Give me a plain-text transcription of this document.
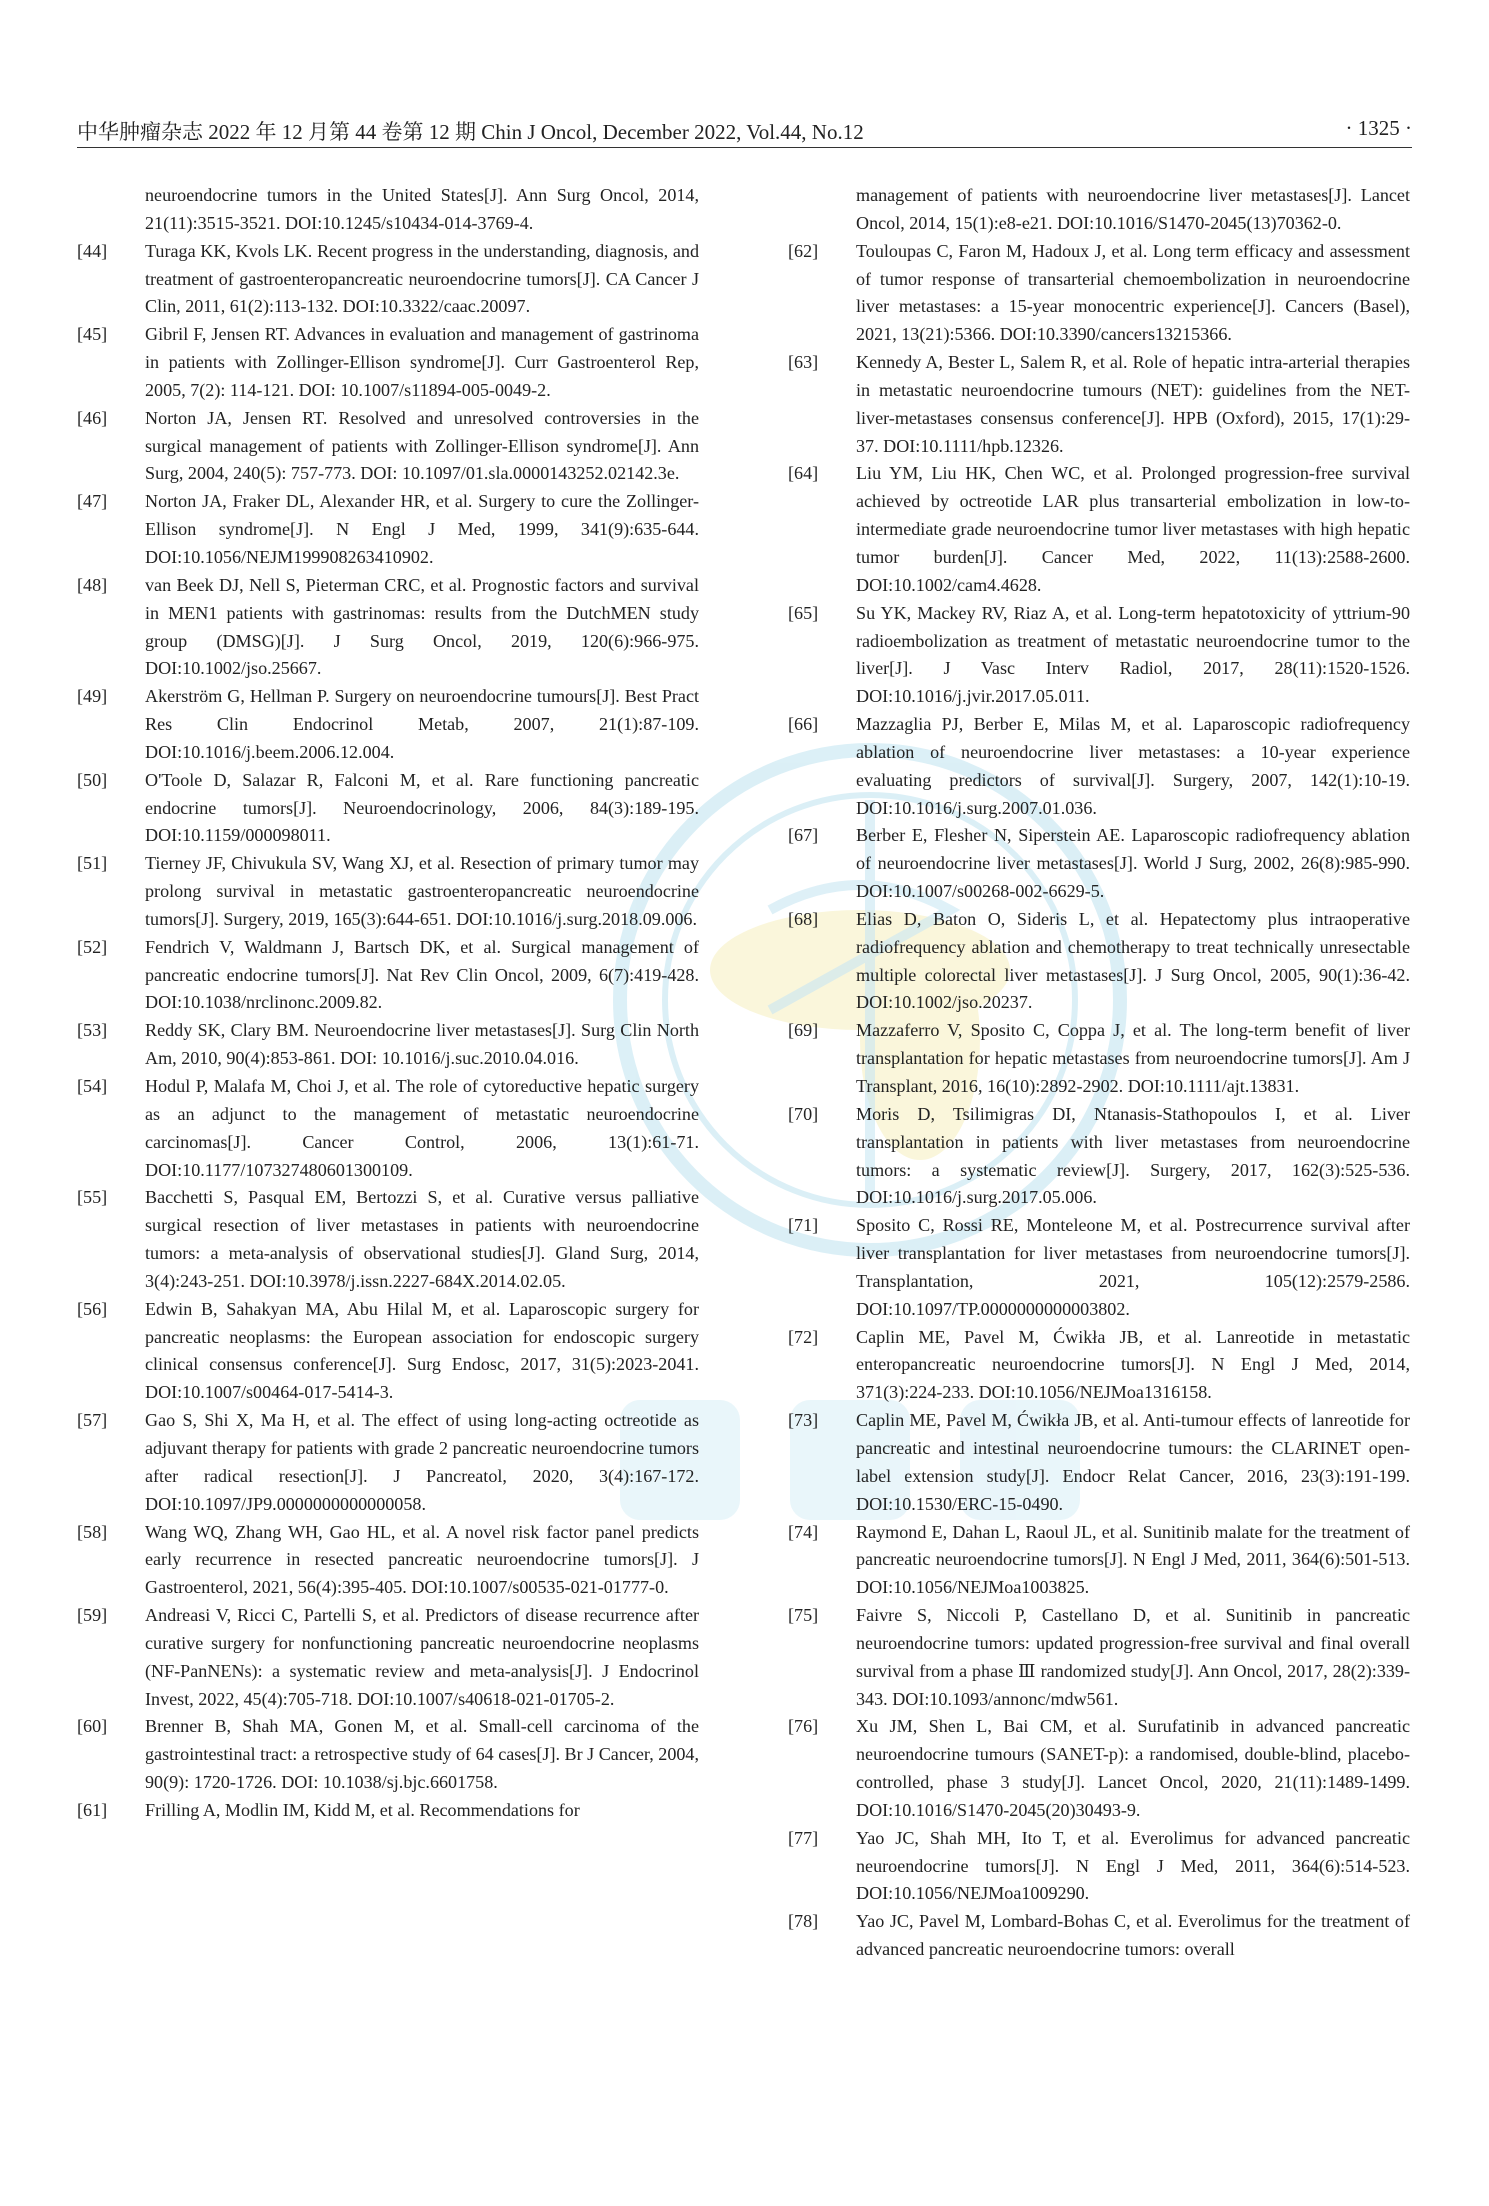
中华肿瘤杂志 2022 年 12 月第 44 卷第 12 期 Chin J Oncol, December 2022, Vol.44, No.12	· 1325 ·

neuroendocrine tumors in the United States[J]. Ann Surg Oncol, 2014, 21(11):3515-3521. DOI:10.1245/s10434-014-3769-4.

[44]	Turaga KK, Kvols LK. Recent progress in the understanding, diagnosis, and treatment of gastroenteropancreatic neuroendocrine tumors[J]. CA Cancer J Clin, 2011, 61(2):113-132. DOI:10.3322/caac.20097.

[45]	Gibril F, Jensen RT. Advances in evaluation and management of gastrinoma in patients with Zollinger-Ellison syndrome[J]. Curr Gastroenterol Rep, 2005, 7(2): 114-121. DOI: 10.1007/s11894-005-0049-2.

[46]	Norton JA, Jensen RT. Resolved and unresolved controversies in the surgical management of patients with Zollinger-Ellison syndrome[J]. Ann Surg, 2004, 240(5): 757-773. DOI: 10.1097/01.sla.0000143252.02142.3e.

[47]	Norton JA, Fraker DL, Alexander HR, et al. Surgery to cure the Zollinger-Ellison syndrome[J]. N Engl J Med, 1999, 341(9):635-644. DOI:10.1056/NEJM199908263410902.

[48]	van Beek DJ, Nell S, Pieterman CRC, et al. Prognostic factors and survival in MEN1 patients with gastrinomas: results from the DutchMEN study group (DMSG)[J]. J Surg Oncol, 2019, 120(6):966-975. DOI:10.1002/jso.25667.

[49]	Akerström G, Hellman P. Surgery on neuroendocrine tumours[J]. Best Pract Res Clin Endocrinol Metab, 2007, 21(1):87-109. DOI:10.1016/j.beem.2006.12.004.

[50]	O'Toole D, Salazar R, Falconi M, et al. Rare functioning pancreatic endocrine tumors[J]. Neuroendocrinology, 2006, 84(3):189-195. DOI:10.1159/000098011.

[51]	Tierney JF, Chivukula SV, Wang XJ, et al. Resection of primary tumor may prolong survival in metastatic gastroenteropancreatic neuroendocrine tumors[J]. Surgery, 2019, 165(3):644-651. DOI:10.1016/j.surg.2018.09.006.

[52]	Fendrich V, Waldmann J, Bartsch DK, et al. Surgical management of pancreatic endocrine tumors[J]. Nat Rev Clin Oncol, 2009, 6(7):419-428. DOI:10.1038/nrclinonc.2009.82.

[53]	Reddy SK, Clary BM. Neuroendocrine liver metastases[J]. Surg Clin North Am, 2010, 90(4):853-861. DOI: 10.1016/j.suc.2010.04.016.

[54]	Hodul P, Malafa M, Choi J, et al. The role of cytoreductive hepatic surgery as an adjunct to the management of metastatic neuroendocrine carcinomas[J]. Cancer Control, 2006, 13(1):61-71. DOI:10.1177/107327480601300109.

[55]	Bacchetti S, Pasqual EM, Bertozzi S, et al. Curative versus palliative surgical resection of liver metastases in patients with neuroendocrine tumors: a meta-analysis of observational studies[J]. Gland Surg, 2014, 3(4):243-251. DOI:10.3978/j.issn.2227-684X.2014.02.05.

[56]	Edwin B, Sahakyan MA, Abu Hilal M, et al. Laparoscopic surgery for pancreatic neoplasms: the European association for endoscopic surgery clinical consensus conference[J]. Surg Endosc, 2017, 31(5):2023-2041. DOI:10.1007/s00464-017-5414-3.

[57]	Gao S, Shi X, Ma H, et al. The effect of using long-acting octreotide as adjuvant therapy for patients with grade 2 pancreatic neuroendocrine tumors after radical resection[J]. J Pancreatol, 2020, 3(4):167-172. DOI:10.1097/JP9.0000000000000058.

[58]	Wang WQ, Zhang WH, Gao HL, et al. A novel risk factor panel predicts early recurrence in resected pancreatic neuroendocrine tumors[J]. J Gastroenterol, 2021, 56(4):395-405. DOI:10.1007/s00535-021-01777-0.

[59]	Andreasi V, Ricci C, Partelli S, et al. Predictors of disease recurrence after curative surgery for nonfunctioning pancreatic neuroendocrine neoplasms (NF-PanNENs): a systematic review and meta-analysis[J]. J Endocrinol Invest, 2022, 45(4):705-718. DOI:10.1007/s40618-021-01705-2.

[60]	Brenner B, Shah MA, Gonen M, et al. Small-cell carcinoma of the gastrointestinal tract: a retrospective study of 64 cases[J]. Br J Cancer, 2004, 90(9): 1720-1726. DOI: 10.1038/sj.bjc.6601758.

[61]	Frilling A, Modlin IM, Kidd M, et al. Recommendations for

management of patients with neuroendocrine liver metastases[J]. Lancet Oncol, 2014, 15(1):e8-e21. DOI:10.1016/S1470-2045(13)70362-0.

[62]	Touloupas C, Faron M, Hadoux J, et al. Long term efficacy and assessment of tumor response of transarterial chemoembolization in neuroendocrine liver metastases: a 15-year monocentric experience[J]. Cancers (Basel), 2021, 13(21):5366. DOI:10.3390/cancers13215366.

[63]	Kennedy A, Bester L, Salem R, et al. Role of hepatic intra-arterial therapies in metastatic neuroendocrine tumours (NET): guidelines from the NET-liver-metastases consensus conference[J]. HPB (Oxford), 2015, 17(1):29-37. DOI:10.1111/hpb.12326.

[64]	Liu YM, Liu HK, Chen WC, et al. Prolonged progression-free survival achieved by octreotide LAR plus transarterial embolization in low-to-intermediate grade neuroendocrine tumor liver metastases with high hepatic tumor burden[J]. Cancer Med, 2022, 11(13):2588-2600. DOI:10.1002/cam4.4628.

[65]	Su YK, Mackey RV, Riaz A, et al. Long-term hepatotoxicity of yttrium-90 radioembolization as treatment of metastatic neuroendocrine tumor to the liver[J]. J Vasc Interv Radiol, 2017, 28(11):1520-1526. DOI:10.1016/j.jvir.2017.05.011.

[66]	Mazzaglia PJ, Berber E, Milas M, et al. Laparoscopic radiofrequency ablation of neuroendocrine liver metastases: a 10-year experience evaluating predictors of survival[J]. Surgery, 2007, 142(1):10-19. DOI:10.1016/j.surg.2007.01.036.

[67]	Berber E, Flesher N, Siperstein AE. Laparoscopic radiofrequency ablation of neuroendocrine liver metastases[J]. World J Surg, 2002, 26(8):985-990. DOI:10.1007/s00268-002-6629-5.

[68]	Elias D, Baton O, Sideris L, et al. Hepatectomy plus intraoperative radiofrequency ablation and chemotherapy to treat technically unresectable multiple colorectal liver metastases[J]. J Surg Oncol, 2005, 90(1):36-42. DOI:10.1002/jso.20237.

[69]	Mazzaferro V, Sposito C, Coppa J, et al. The long-term benefit of liver transplantation for hepatic metastases from neuroendocrine tumors[J]. Am J Transplant, 2016, 16(10):2892-2902. DOI:10.1111/ajt.13831.

[70]	Moris D, Tsilimigras DI, Ntanasis-Stathopoulos I, et al. Liver transplantation in patients with liver metastases from neuroendocrine tumors: a systematic review[J]. Surgery, 2017, 162(3):525-536. DOI:10.1016/j.surg.2017.05.006.

[71]	Sposito C, Rossi RE, Monteleone M, et al. Postrecurrence survival after liver transplantation for liver metastases from neuroendocrine tumors[J]. Transplantation, 2021, 105(12):2579-2586. DOI:10.1097/TP.0000000000003802.

[72]	Caplin ME, Pavel M, Ćwikła JB, et al. Lanreotide in metastatic enteropancreatic neuroendocrine tumors[J]. N Engl J Med, 2014, 371(3):224-233. DOI:10.1056/NEJMoa1316158.

[73]	Caplin ME, Pavel M, Ćwikła JB, et al. Anti-tumour effects of lanreotide for pancreatic and intestinal neuroendocrine tumours: the CLARINET open-label extension study[J]. Endocr Relat Cancer, 2016, 23(3):191-199. DOI:10.1530/ERC-15-0490.

[74]	Raymond E, Dahan L, Raoul JL, et al. Sunitinib malate for the treatment of pancreatic neuroendocrine tumors[J]. N Engl J Med, 2011, 364(6):501-513. DOI:10.1056/NEJMoa1003825.

[75]	Faivre S, Niccoli P, Castellano D, et al. Sunitinib in pancreatic neuroendocrine tumors: updated progression-free survival and final overall survival from a phase Ⅲ randomized study[J]. Ann Oncol, 2017, 28(2):339-343. DOI:10.1093/annonc/mdw561.

[76]	Xu JM, Shen L, Bai CM, et al. Surufatinib in advanced pancreatic neuroendocrine tumours (SANET-p): a randomised, double-blind, placebo-controlled, phase 3 study[J]. Lancet Oncol, 2020, 21(11):1489-1499. DOI:10.1016/S1470-2045(20)30493-9.

[77]	Yao JC, Shah MH, Ito T, et al. Everolimus for advanced pancreatic neuroendocrine tumors[J]. N Engl J Med, 2011, 364(6):514-523. DOI:10.1056/NEJMoa1009290.

[78]	Yao JC, Pavel M, Lombard-Bohas C, et al. Everolimus for the treatment of advanced pancreatic neuroendocrine tumors: overall
